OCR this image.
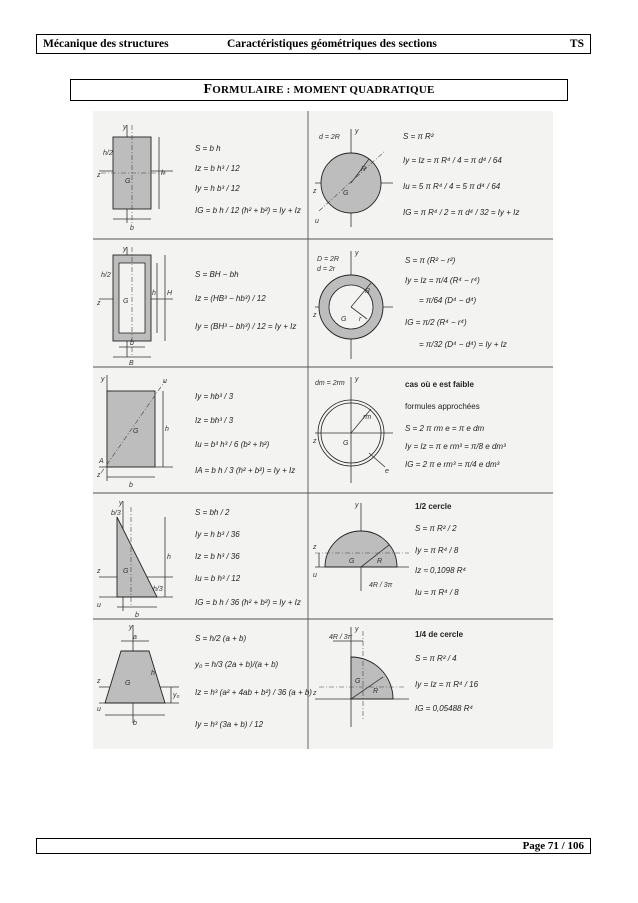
Mécanique des structures	Caractéristiques géométriques des sections	TS
FORMULAIRE : MOMENT QUADRATIQUE
y
z
G
h
h/2
b
S = b h
Iz = b h³ / 12
Iy = h b³ / 12
IG = b h / 12 (h² + b²) = Iy + Iz
d = 2R
y
z	G
R
u
S = π R²
Iy = Iz = π R⁴ / 4 = π d⁴ / 64
Iu = 5 π R⁴ / 4 = 5 π d⁴ / 64
IG = π R⁴ / 2 = π d⁴ / 32 = Iy + Iz
y
z	G
h H
h/2
b
B
S = BH − bh
Iz = (HB³ − hb³) / 12
Iy = (BH³ − bh³) / 12 = Iy + Iz
D = 2R
d = 2r
y
z
G
R
r
S = π (R² − r²)
Iy = Iz = π/4 (R⁴ − r⁴)
= π/64 (D⁴ − d⁴)
IG = π/2 (R⁴ − r⁴)
= π/32 (D⁴ − d⁴) = Iy + Iz
y	u
z
A
G
b
h
Iy = hb³ / 3
Iz = bh³ / 3
Iu = b³ h³ / 6 (b² + h²)
IA = b h / 3 (h² + b²) = Iy + Iz
dm = 2rm
y
z	G
rm
e
cas où e est faible
formules approchées
S = 2 π rm e = π e dm
Iy = Iz = π e rm³ = π/8 e dm³
IG = 2 π e rm³ = π/4 e dm³
y
b/3
z	G
h
h/3
u
b
S = bh / 2
Iy = h b³ / 36
Iz = b h³ / 36
Iu = b h³ / 12
IG = b h / 36 (h² + b²) = Iy + Iz
y
z
u
G	R
4R / 3π
1/2 cercle
S = π R² / 2
Iy = π R⁴ / 8
Iz ≈ 0,1098 R⁴
Iu = π R⁴ / 8
y
a
z	G
h
u
b
y₀
S = h/2 (a + b)
y₀ = h/3 (2a + b)/(a + b)
Iz = h³ (a² + 4ab + b²) / 36 (a + b)
Iy = h³ (3a + b) / 12
y
z
G
R
4R / 3π	1/4 de cercle
S = π R² / 4
Iy = Iz = π R⁴ / 16
IG = 0,05488 R⁴
Page 71 / 106
